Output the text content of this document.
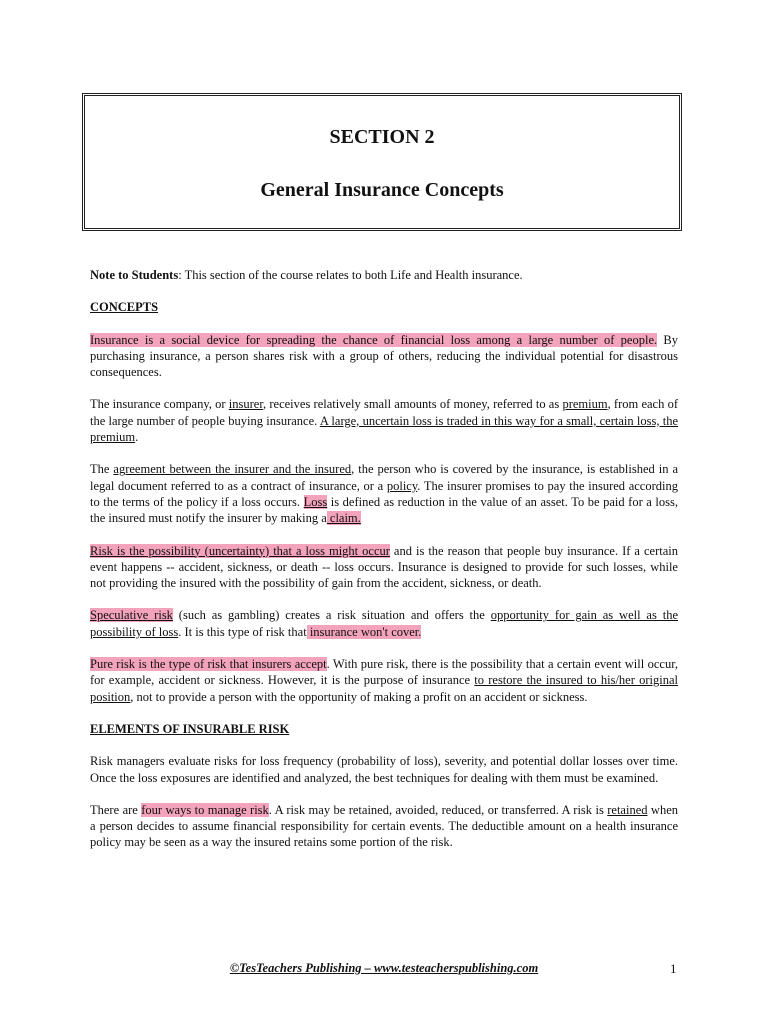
SECTION 2
General Insurance Concepts

Note to Students: This section of the course relates to both Life and Health insurance.

CONCEPTS

Insurance is a social device for spreading the chance of financial loss among a large number of people. By purchasing insurance, a person shares risk with a group of others, reducing the individual potential for disastrous consequences.

The insurance company, or insurer, receives relatively small amounts of money, referred to as premium, from each of the large number of people buying insurance. A large, uncertain loss is traded in this way for a small, certain loss, the premium.

The agreement between the insurer and the insured, the person who is covered by the insurance, is established in a legal document referred to as a contract of insurance, or a policy. The insurer promises to pay the insured according to the terms of the policy if a loss occurs. Loss is defined as reduction in the value of an asset. To be paid for a loss, the insured must notify the insurer by making a claim.

Risk is the possibility (uncertainty) that a loss might occur and is the reason that people buy insurance. If a certain event happens -- accident, sickness, or death -- loss occurs. Insurance is designed to provide for such losses, while not providing the insured with the possibility of gain from the accident, sickness, or death.

Speculative risk (such as gambling) creates a risk situation and offers the opportunity for gain as well as the possibility of loss. It is this type of risk that insurance won't cover.

Pure risk is the type of risk that insurers accept. With pure risk, there is the possibility that a certain event will occur, for example, accident or sickness. However, it is the purpose of insurance to restore the insured to his/her original position, not to provide a person with the opportunity of making a profit on an accident or sickness.

ELEMENTS OF INSURABLE RISK

Risk managers evaluate risks for loss frequency (probability of loss), severity, and potential dollar losses over time. Once the loss exposures are identified and analyzed, the best techniques for dealing with them must be examined.

There are four ways to manage risk. A risk may be retained, avoided, reduced, or transferred. A risk is retained when a person decides to assume financial responsibility for certain events. The deductible amount on a health insurance policy may be seen as a way the insured retains some portion of the risk.

©TesTeachers Publishing – www.testeacherspublishing.com	1
